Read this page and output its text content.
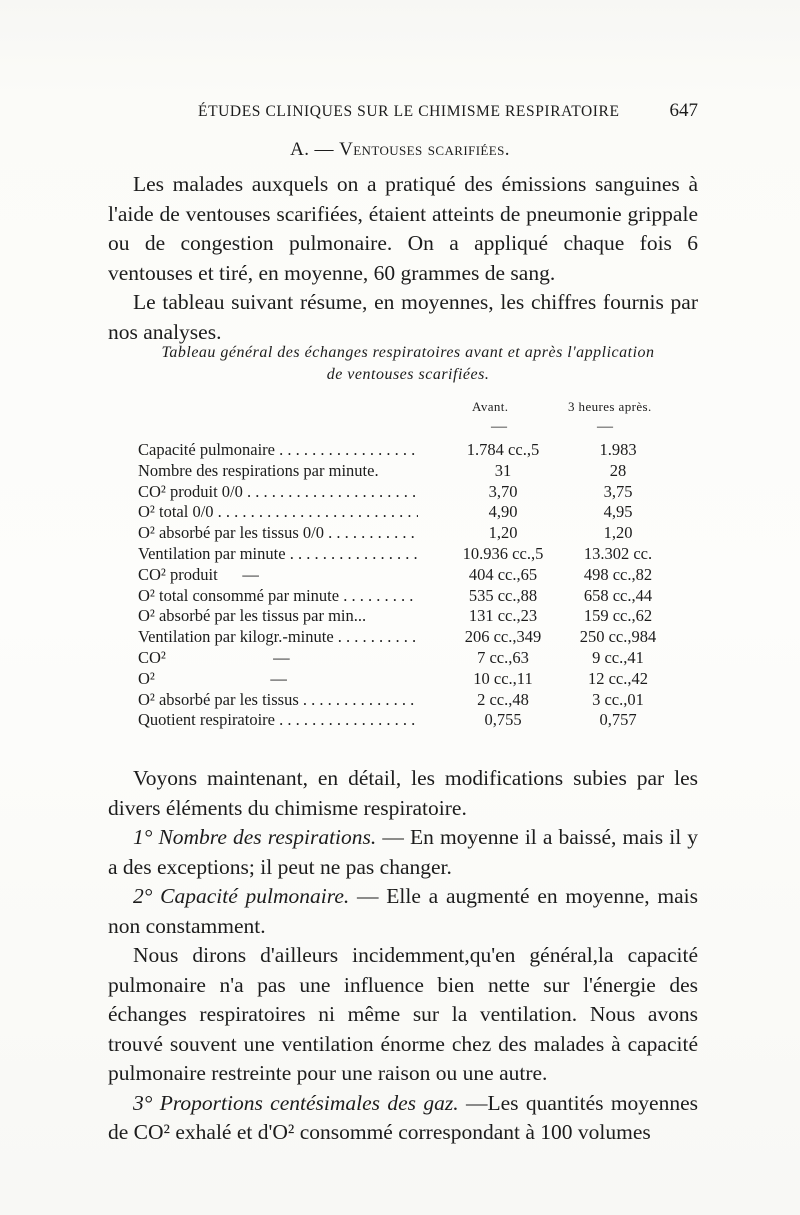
ÉTUDES CLINIQUES SUR LE CHIMISME RESPIRATOIRE	647
A. — Ventouses scarifiées.

Les malades auxquels on a pratiqué des émissions sanguines à l'aide de ventouses scarifiées, étaient atteints de pneumonie grippale ou de congestion pulmonaire. On a appliqué chaque fois 6 ventouses et tiré, en moyenne, 60 grammes de sang.

Le tableau suivant résume, en moyennes, les chiffres fournis par nos analyses.

Tableau général des échanges respiratoires avant et après l'application
de ventouses scarifiées.
Avant.	3 heures après.
—	—
Capacité pulmonaire . . .	1.784 cc.,5	1.983
Nombre des respirations par minute.	31	28
CO² produit 0/0 . . .	3,70	3,75
O² total 0/0 . . .	4,90	4,95
O² absorbé par les tissus 0/0 . . .	1,20	1,20
Ventilation par minute . . .	10.936 cc.,5	13.302 cc.
CO² produit      —	404 cc.,65	498 cc.,82
O² total consommé par minute . . .	535 cc.,88	658 cc.,44
O² absorbé par les tissus par min...	131 cc.,23	159 cc.,62
Ventilation par kilogr.-minute . . .	206 cc.,349	250 cc.,984
CO²                          —	7 cc.,63	9 cc.,41
O²                            —	10 cc.,11	12 cc.,42
O² absorbé par les tissus . . .	2 cc.,48	3 cc.,01
Quotient respiratoire . . .	0,755	0,757

Voyons maintenant, en détail, les modifications subies par les divers éléments du chimisme respiratoire.

1° Nombre des respirations. — En moyenne il a baissé, mais il y a des exceptions; il peut ne pas changer.

2° Capacité pulmonaire. — Elle a augmenté en moyenne, mais non constamment.

Nous dirons d'ailleurs incidemment,qu'en général,la capacité pulmonaire n'a pas une influence bien nette sur l'énergie des échanges respiratoires ni même sur la ventilation. Nous avons trouvé souvent une ventilation énorme chez des malades à capacité pulmonaire restreinte pour une raison ou une autre.

3° Proportions centésimales des gaz. —Les quantités moyennes de CO² exhalé et d'O² consommé correspondant à 100 volumes
